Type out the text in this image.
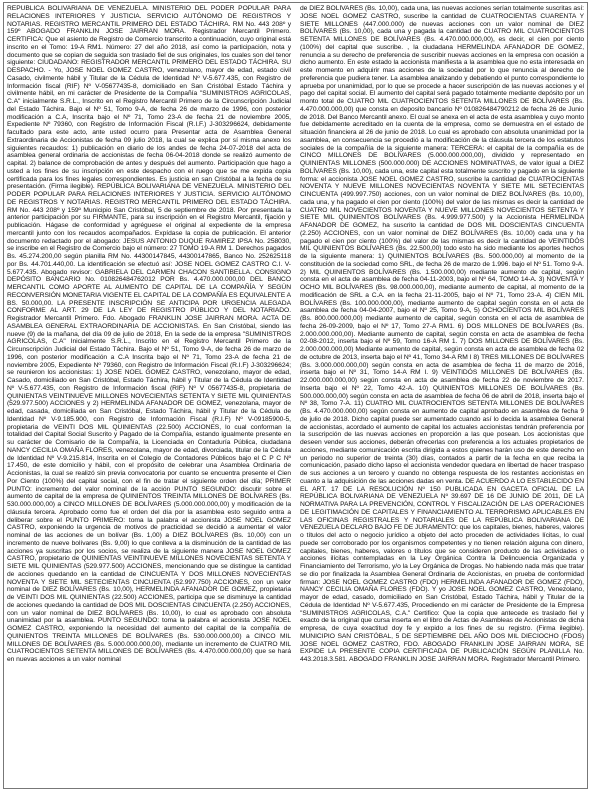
REPÚBLICA BOLIVARIANA DE VENEZUELA. MINISTERIO DEL PODER POPULAR PARA RELACIONES INTERIORES Y JUSTICIA. SERVICIO AUTÓNOMO DE REGISTROS Y NOTARIAS. REGISTRO MERCANTIL PRIMERO DEL ESTADO TÁCHIRA. RM No. 443 208º y 159º ABOGADO FRANKLIN JOSE JAIRRAN MORA. Registrador Mercantil Primero. CERTIFICA: Que el asiento de Registro de Comercio transcrito a continuación, cuyo original está inscrito en el Tomo: 19-A RM1. Número: 27 del año 2018, así como la participación, nota y documento que se copian de seguida son traslado fiel de sus originales, los cuales son del tenor siguiente: CIUDADANO: REGISTRADOR MERCANTIL PRIMERO DEL ESTADO TÁCHIRA. SU DESPACHO. - Yo, JOSE NOEL GOMEZ CASTRO, venezolano, mayor de edad, estado civil Casado, civilmente hábil y Titular de la Cédula de Identidad Nº V-5.677.435, con Registro de Información fiscal (RIF) Nº V-05677435-8, domiciliado en San Cristóbal Estado Táchira y civilmente hábil, en mi carácter de Presidente de la Compañía "SUMINISTROS AGRICOLAS, C.A" inicialmente S.R.L., Inscrito en el Registro Mercantil Primero de la Circunscripción Judicial del Estado Táchira. Bajo el Nº 51, Tomo 9-A, de fecha 26 de marzo de 1996, con posterior modificación a C.A, Inscrita bajo el Nº 71, Tomo 23-A de fecha 21 de noviembre 2005, Expediente Nº 79360, con Registro de Información Fiscal (R.I.F.) J-303296624, debidamente facultado para este acto, ante usted ocurro para Presentar acta de Asamblea General Extraordinaria de Accionistas de fecha 09 julio 2018, la cual se explica por sí misma anexo los siguientes recaudos: 1) publicación en diario de los andes de fecha 24-07-2018 del acta de asamblea general ordinaria de accionistas de fecha 06-04-2018 donde se realizó aumento de capital. 2) balance de comprobación de antes y después del aumento. Participación que hago a usted a los fines de su inscripción en este despacho con el ruego que se me expida copia certificada para los fines legales correspondientes. Es justicia en san Cristóbal a la fecha de su presentación. (Firma ilegible). REPÚBLICA BOLIVARIANA DE VENEZUELA. MINISTERIO DEL PODER POPULAR PARA RELACIONES INTERIORES Y JUSTICIA. SERVICIO AUTÓNOMO DE REGISTROS Y NOTARIAS. REGISTRO MERCANTIL PRIMERO DEL ESTADO TÁCHIRA. RM No. 443 208º y 159º Municipio San Cristóbal, 5 de septiembre de 2018. Por presentada la anterior participación por su FIRMANTE, para su inscripción en el Registro Mercantil, fijación y publicación. Hágase de conformidad y agréguese el original al expediente de la empresa mercantil junto con los recaudos acompañados. Expídase la copia de publicación. El anterior documento redactado por el abogado: JESUS ANTONIO DUQUE RAMIREZ IPSA No. 258030, se inscribe en el Registro de Comercio bajo el número: 27 TOMO 19-A RM 1. Derechos pagados Bs. 45.274.200,00 según planilla RM No. 44300147845, 44300147865, Banco No. 252625118 por Bs. 44.701.440,00. La identificación se efectuó así: JOSE NOEL GOMEZ CASTRO C.I. V-5.677.435. Abogado revisor: GABRIELA DEL CARMEN CHACON SANTIBELLA. CONSIGNO DEPÓSITO BANCARIO No. 010826484762012 POR Bs. 4.470.000.000,00 DEL BANCO MERCANTIL COMO APORTE AL AUMENTO DE CAPITAL DE LA COMPAÑÍA Y SEGÚN RECONVERSIÓN MONETARIA VIGENTE EL CAPITAL DE LA COMPAÑÍA ES EQUIVALENTE A BS. 50.000,00. LA PRESENTE INSCRIPCIÓN SE ANTICIPA POR URGENCIA ALEGADA CONFORME AL ART. 29 DE LA LEY DE REGISTRO PÚBLICO Y DEL NOTARIADO. Registrador Mercantil Primero. Fdo. Abogado FRANKLIN JOSE JAIRRAN MORA. ACTA DE ASAMBLEA GENERAL EXTRAORDINARIA DE ACCIONISTAS. En San Cristóbal, siendo las nueve (9) de la mañana, del día 09 de julio de 2018, En la sede de la empresa "SUMINISTROS AGRICOLAS, C.A" Inicialmente S.R.L., Inscrito en el Registro Mercantil Primero de la Circunscripción Judicial del Estado Táchira. Bajo el Nº 51, Tomo 9-A, de fecha 26 de marzo de 1996, con posterior modificación a C.A Inscrita bajo el Nº 71, Tomo 23-A de fecha 21 de noviembre 2005, Expediente Nº 79360, con Registro de Información Fiscal (R.I.F) J-303296624; se reunieron los accionistas: 1) JOSE NOEL GOMEZ CASTRO, venezolano, mayor de edad, Casado, domiciliado en San Cristóbal, Estado Táchira, hábil y Titular de la Cédula de Identidad Nº V-5.677.435, con Registro de Información fiscal (RIF) Nº V 05677435-8, propietaria de QUINIENTAS VEINTINUEVE MILLONES NOVECIENTAS SETENTA Y SIETE MIL QUINIENTAS (529.977.500) ACCIONES y 2) HERMELINDA AFANADOR DE GOMEZ, venezolana, mayor de edad, casada, domiciliada en San Cristóbal, Estado Táchira, hábil y Titular de la Cédula de Identidad Nº V-9.185.900, con Registro de Información Fiscal (R.I.F) Nº V-09185900-5, propietaria de VEINTI DOS MIL QUINIENTAS (22.500) ACCIONES, lo cual conforman la totalidad del Capital Social Suscrito y Pagado de la Compañía, estando igualmente presente en su carácter de Comisario de la Compañía, la Licenciada en Contaduría Pública, ciudadana NANCY CECILIA OMAÑA FLORES, venezolana, mayor de edad, divorciada, titular de la Cédula de Identidad Nº V-9.215.814, Inscrita en el Colegio de Contadores Públicos bajo el C P C Nº 17.450, de este domicilio y hábil, con el propósito de celebrar una Asamblea Ordinaria de Accionistas, la cual se realizó sin previa convocatoria por cuanto se encuentra presente el Cien Por Ciento (100%) del capital social, con el fin de tratar el siguiente orden del día; PRIMER PUNTO: incremento del valor nominal de la acción PUNTO SEGUNDO: discutir sobre el aumento de capital de la empresa de QUINIENTOS TREINTA MILLONES DE BOLÍVARES (Bs. 530.000.000,00) a CINCO MILLONES DE BOLÍVARES (5.000.000.000,00) y modificación de la cláusula tercera. Aprobado como fue el orden del día por la asamblea esto seguido entra a deliberar sobre el PUNTO PRIMERO: toma la palabra el accionista JOSE NOEL GOMEZ CASTRO, exponiendo la urgencia de motivos de practicidad se decidió a aumentar el valor nominal de las acciones de un bolívar (Bs. 1,00) a DIEZ BOLÍVARES (Bs. 10,00) con un incremento de nueve bolívares (Bs. 9,00) lo que conlleva a la disminución de la cantidad de las acciones ya suscritas por los socios, se realiza de la siguiente manera JOSE NOEL GOMEZ CASTRO, propietario de QUINIENTAS VEINTINUEVE MILLONES NOVECIENTAS SETENTA Y SIETE MIL QUINIENTAS (529.977.500) ACCIONES, mencionando que se distingue la cantidad de acciones quedando en la cantidad de CINCUENTA Y DOS MILLONES NOVECIENTAS NOVENTA Y SIETE MIL SETECIENTAS CINCUENTA (52.997.750) ACCIONES, con un valor nominal de DIEZ BOLÍVARES (Bs. 10,00), HERMELINDA AFANADOR DE GOMEZ, propietaria de VEINTI DOS MIL QUINIENTAS (22.500) ACCIONES, participa que se disminuye la cantidad de acciones quedando la cantidad de DOS MIL DOSCIENTAS CINCUENTA (2.250) ACCIONES, con un valor nominal de DIEZ BOLÍVARES (Bs. 10,00), lo cual es aprobado con absoluta unanimidad por la asamblea. PUNTO SEGUNDO: toma la palabra el accionista JOSE NOEL GOMEZ CASTRO, exponiendo la necesidad del aumento del capital de la compañía de QUINIENTOS TREINTA MILLONES DE BOLÍVARES (Bs. 530.000.000,00) a CINCO MIL MILLONES DE BOLÍVARES (Bs. 5.000.000.000,00), mediante un incremento de CUATRO MIL CUATROCIENTOS SETENTA MILLONES DE BOLÍVARES (Bs. 4.470.000.000,00) que se hará en nuevas acciones a un valor nominal
de DIEZ BOLÍVARES (Bs. 10,00), cada una, las nuevas acciones serían totalmente suscritas así: JOSE NOEL GOMEZ CASTRO, suscribe la cantidad de CUATROCIENTAS CUARENTA Y SIETE MILLONES (447.000.000) de nuevas acciones con un valor nominal de DIEZ BOLÍVARES (Bs. 10,00), cada una y pagada la cantidad de CUATRO MIL CUATROCIENTOS SETENTA MILLONES DE BOLÍVARES (Bs. 4.470.000.000,00), es decir, el cien por ciento (100%) del capital que suscribe. , la ciudadana HERMELINDA AFANADOR DE GOMEZ, renuncia a su derecho de preferencia de suscribir nuevas acciones en la empresa con ocasión a dicho aumento. En este estado la accionista manifiesta a la asamblea que no esta interesada en este momento en adquirir mas acciones de la sociedad por lo que renuncia al derecho de preferencia que pudiera tener. La asamblea analizando y debatiendo el punto correspondiente lo aprueba por unanimidad, por lo que se procede a hacer suscripción de las nuevas acciones y el pago del capital social. El aumento del capital será pagado totalmente mediante depósito por un monto total de CUATRO MIL CUATROCIENTOS SETENTA MILLONES DE BOLÍVARES (Bs. 4.470.000.000,00) que consta en deposito bancario Nº 010826484790212 de fecha 26 de Junio de 2018. Del Banco Mercantil anexo. El cual se anexa en el acta de esta asamblea y cuyo monto fue debidamente acreditado en la cuenta de la empresa, como se demuestra en el estado de situación financiera al 26 de junio de 2018. Lo cual es aprobado con absoluta unanimidad por la asamblea, en consecuencia se procedió a la modificación de la cláusula tercera de los estatutos sociales de la compañía de la siguiente manera: TERCERA: el capital de la compañía es de CINCO MILLONES DE BOLÍVARES (5.000.000.000,00), dividido y representado en QUINIENTAS MILLONES (500.000.000) DE ACCIONES NOMINATIVAS, de valor igual a DIEZ BOLÍVARES (Bs. 10,00), cada una, este capital esta totalmente suscrito y pagado en la siguiente forma: el accionista JOSE NOEL GOMEZ CASTRO, suscribe la cantidad de CUATROCIENTAS NOVENTA Y NUEVE MILLONES NOVECIENTAS NOVENTA Y SIETE MIL SETECIENTAS CINCUENTA (499.997.750) acciones, con un valor nominal de DIEZ BOLÍVARES (Bs. 10,00), cada una, y ha pagado el cien por ciento (100%) del valor de las mismas es decir la cantidad de CUATRO MIL NOVECIENTOS NOVENTA Y NUEVE MILLONES NOVECIENTOS SETENTA Y SIETE MIL QUINIENTOS BOLÍVARES (Bs. 4.999.977.500) y la Accionista HERMELINDA AFANADOR DE GOMEZ, ha suscrito la cantidad de DOS MIL DOSCIENTAS CINCUENTA (2.250) ACCIONES, con un valor nominal de DIEZ BOLÍVARES (Bs. 10,00) cada una y ha pagado el cien por ciento (100%) del valor de las mismas es decir la cantidad de VEINTIDÓS MIL QUINIENTOS BOLÍVARES (Bs. 22.500,00) todo esto ha sido mediante los aportes hechos de la siguiente manera: 1) QUINIENTOS BOLÍVARES (Bs. 500.000,00) al momento de la constitución de la sociedad como SRL, de fecha 26 de marzo de 1.996. bajo el Nº 51. Tomo 9-A. 2) MIL QUINIENTOS BOLÍVARES (Bs. 1.500.000,00) mediante aumento de capital, según consta en el acta de asamblea de fecha 04-11-2003, bajo el Nº 64, TOMO 14-A. 3) NOVENTA Y OCHO MIL BOLÍVARES (Bs. 98.000.000,00), mediante aumento de capital, al momento de la modificación de SRL a C.A. en la fecha 21-11-2005, bajo el Nº 71, Tomo 23-A. 4) CIEN MIL BOLÍVARES (Bs. 100.000.000,00), mediante aumento de capital según consta en el acta de asamblea de fecha 04-04-2007, bajo el Nº 25, Tomo 9-A, 5) OCHOCIENTOS MIL BOLÍVARES (Bs. 800.000.000,00) mediante aumento de capital, según consta en el acta de asamblea de fecha 26-09-2009, bajo el Nº 17, Tomo 27-A RM1. 6) DOS MILLONES DE BOLÍVARES (Bs. 2.000.000.000,00). Mediante aumento de capital, según consta en acta de asamblea de fecha 02-08-2012, inserta bajo el Nº 59, Tomo 16-A RM 1. 7) DOS MILLONES DE BOLÍVARES (Bs. 2.000.000.000,00) Mediante aumento de capital, según consta en acta de asamblea de fecha 02 de octubre de 2013, inserta bajo el Nº 41, Tomo 34-A RM I 8) TRES MILLONES DE BOLÍVARES (Bs. 3.000.000.000,00) según consta en acta de asamblea de fecha 11 de marzo de 2016, inserta bajo el Nº 31, Tomo 14-A RM I. 9) VEINTIDÓS MILLONES DE BOLÍVARES (Bs. 22.000.000.000,00) según consta en acta de asamblea de fecha 22 de noviembre de 2017. Inserta bajo el Nº 22, Tomo 42-A. 10) QUINIENTOS MILLONES DE BOLÍVARES (Bs. 500.000.000,00) según consta en acta de asamblea de fecha 06 de abril de 2018, inserta bajo el Nº 38, Tomo 7-A. 11) CUATRO MIL CUATROCIENTOS SETENTA MILLONES DE BOLÍVARES (Bs. 4.470.000.000,00) según consta en aumento de capital aprobado en asamblea de fecha 9 de julio de 2018. Dicho capital puede ser aumentado cuando así lo decida la asamblea General de accionistas, acordado el aumento de capital los actuales accionistas tendrán preferencia por la suscripción de las nuevas acciones en proporción a las que posean. Los accionistas que deseen vender sus acciones, deberán ofrecerlas con preferencia a los actuales propietarios de acciones, mediante comunicación escrita dirigida a estos quienes harán uso de este derecho en un periodo no superior de treinta (30) días, contados a partir de la fecha en que reciba la comunicación, pasado dicho lapso el accionista vendedor quedara en libertad de hacer traspaso de sus acciones a un tercero y cuando no obtenga respuesta de los restantes accionistas en cuanto a la adquisición de las acciones dadas en venta. DE ACUERDO A LO ESTABLECIDO EN EL ART. 17 DE LA RESOLUCIÓN Nº 150 PUBLICADA EN GACETA OFICIAL DE LA REPÚBLICA BOLIVARIANA DE VENEZUELA Nº 39.697 DE 16 DE JUNIO DE 2011, DE LA NORMATIVA PARA LA PREVENCIÓN, CONTROL Y FISCALIZACIÓN DE LAS OPERACIONES DE LEGITIMACIÓN DE CAPITALES Y FINANCIAMIENTO AL TERRORISMO APLICABLES EN LAS OFICINAS REGISTRALES Y NOTARIALES DE LA REPÚBLICA BOLIVARIANA DE VENEZUELA DECLARO BAJO FE DE JURAMENTO: que los capitales, bienes, haberes, valores o títulos del acto o negocio jurídico a objeto del acto proceden de actividades lícitas, lo cual puede ser corroborado por los organismos competentes y no tienen relación alguna con dinero, capitales, bienes, haberes, valores o títulos que se consideren producto de las actividades o acciones ilícitas contempladas en la Ley Orgánica Contra la Delincuencia Organizada y Financiamiento del Terrorismo, y/o la Ley Orgánica de Drogas. No habiendo nada más que tratar se dio por finalizada la Asamblea General Ordinaria de Accionistas, en prueba de conformidad firman: JOSE NOEL GOMEZ CASTRO (FDO) HERMELINDA AFANADOR DE GOMEZ (FDO), NANCY CECILIA OMAÑA FLORES (FDO). Y yo JOSE NOEL GOMEZ CASTRO, Venezolano, mayor de edad, casado, domiciliado en San Cristóbal, Estado Táchira, hábil y Titular de la Cédula de Identidad Nº V-5.677.435, Procediendo en mi carácter de Presidente de la Empresa "SUMINISTROS AGRICOLAS, C.A." Certifico: Que la copia que antecede es traslado fiel y exacto de la original que cursa inserta en el libro de Actas de Asambleas de Accionistas de dicha empresa, de cuya exactitud doy fe y expido a los fines de su registro. (Firma ilegible). MUNICIPIO SAN CRISTÓBAL, 5 DE SEPTIEMBRE DEL AÑO DOS MIL DIECIOCHO (FDOS) JOSE NOEL GOMEZ CASTRO, FDO. ABOGADO FRANKLIN JOSE JAIRRAN MORA, SE EXPIDE LA PRESENTE COPIA CERTIFICADA DE PUBLICACIÓN SEGÚN PLANILLA No. 443.2018.3.581. ABOGADO FRANKLIN JOSE JAIRRAN MORA. Registrador Mercantil Primero.
